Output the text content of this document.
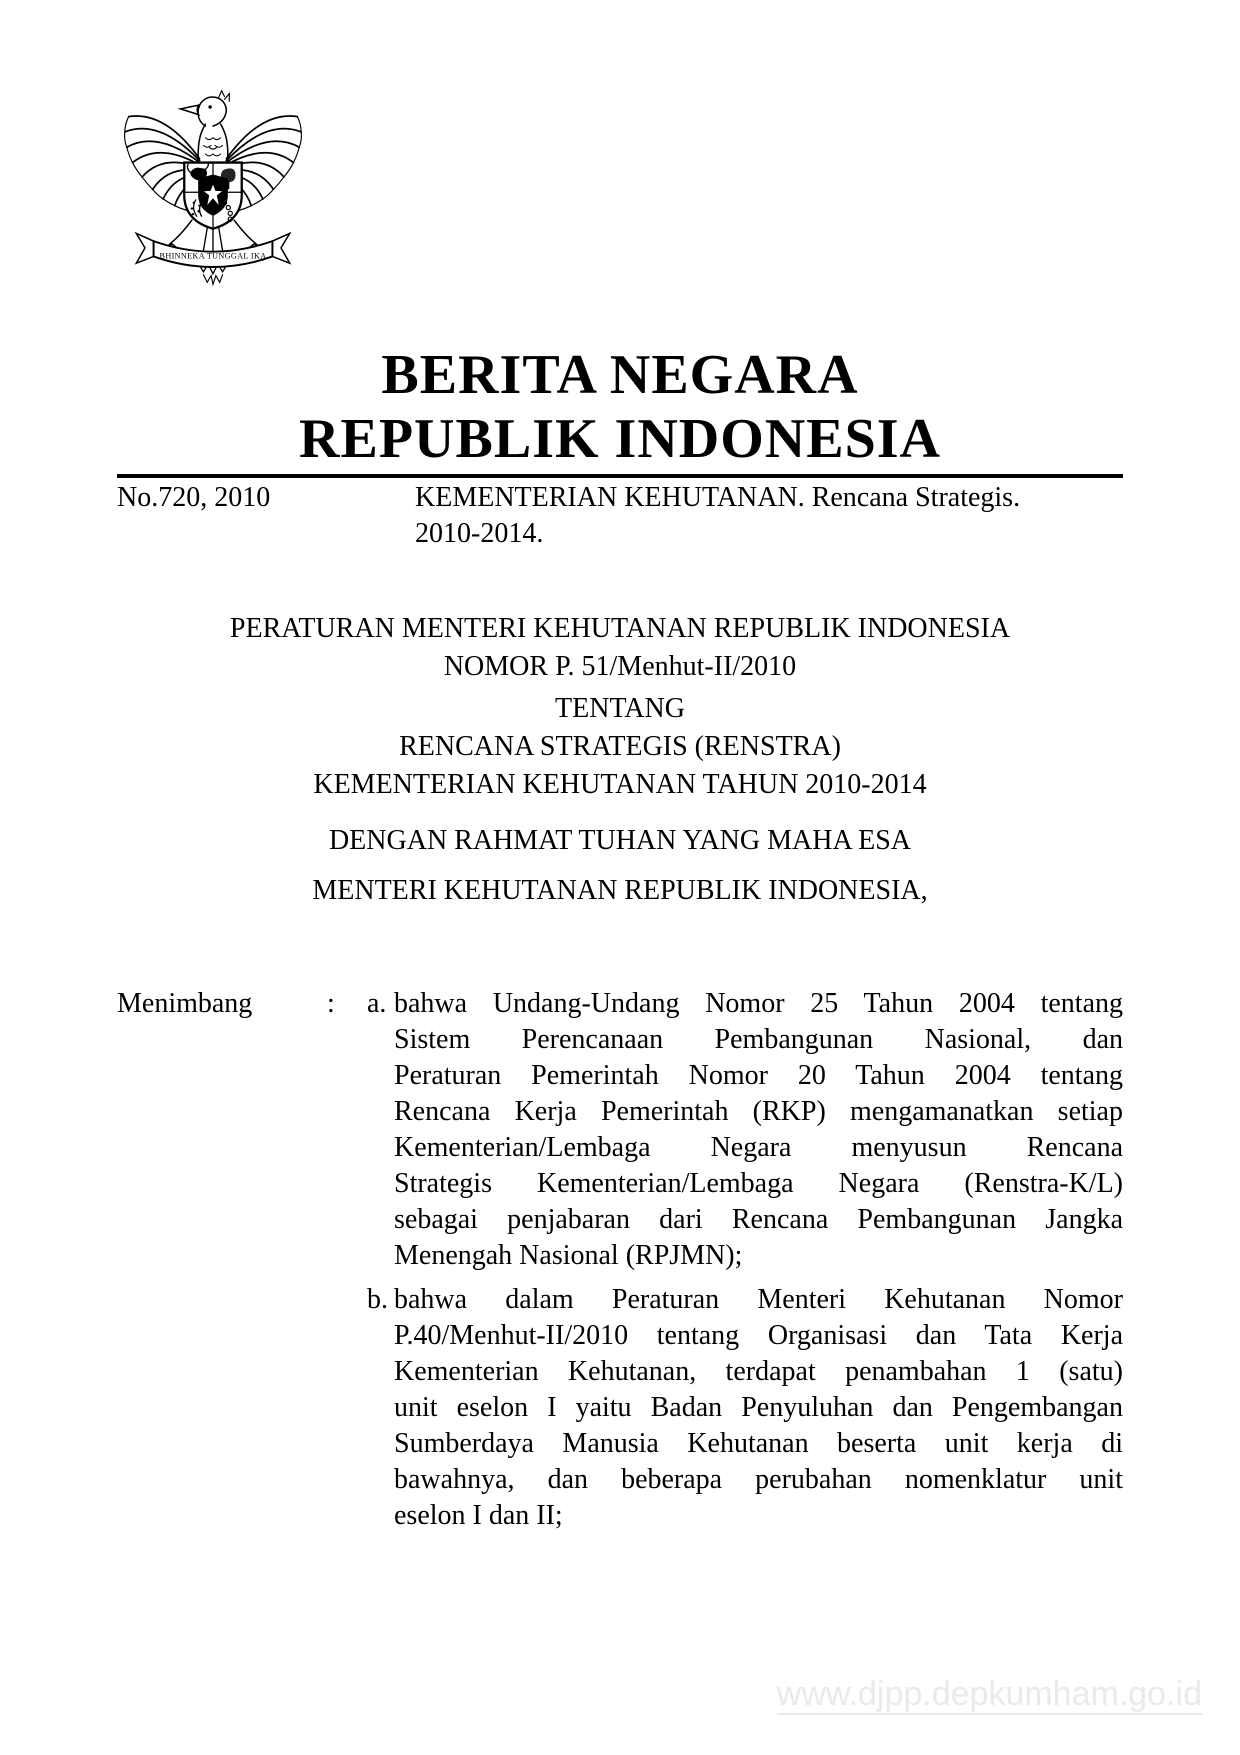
BHINNEKA TUNGGAL IKA
BERITA NEGARA
REPUBLIK INDONESIA
No.720, 2010	KEMENTERIAN KEHUTANAN. Rencana Strategis.
2010-2014.
PERATURAN MENTERI KEHUTANAN REPUBLIK INDONESIA
NOMOR P. 51/Menhut-II/2010
TENTANG
RENCANA STRATEGIS (RENSTRA)
KEMENTERIAN KEHUTANAN TAHUN 2010-2014
DENGAN RAHMAT TUHAN YANG MAHA ESA
MENTERI KEHUTANAN REPUBLIK INDONESIA,
Menimbang	:	a. bahwa Undang-Undang Nomor 25 Tahun 2004 tentang
Sistem Perencanaan Pembangunan Nasional, dan
Peraturan Pemerintah Nomor 20 Tahun 2004 tentang
Rencana Kerja Pemerintah (RKP) mengamanatkan setiap
Kementerian/Lembaga Negara menyusun Rencana
Strategis Kementerian/Lembaga Negara (Renstra-K/L)
sebagai penjabaran dari Rencana Pembangunan Jangka
Menengah Nasional (RPJMN);
b. bahwa dalam Peraturan Menteri Kehutanan Nomor
P.40/Menhut-II/2010 tentang Organisasi dan Tata Kerja
Kementerian Kehutanan, terdapat penambahan 1 (satu)
unit eselon I yaitu Badan Penyuluhan dan Pengembangan
Sumberdaya Manusia Kehutanan beserta unit kerja di
bawahnya, dan beberapa perubahan nomenklatur unit
eselon I dan II;
www.djpp.depkumham.go.id
